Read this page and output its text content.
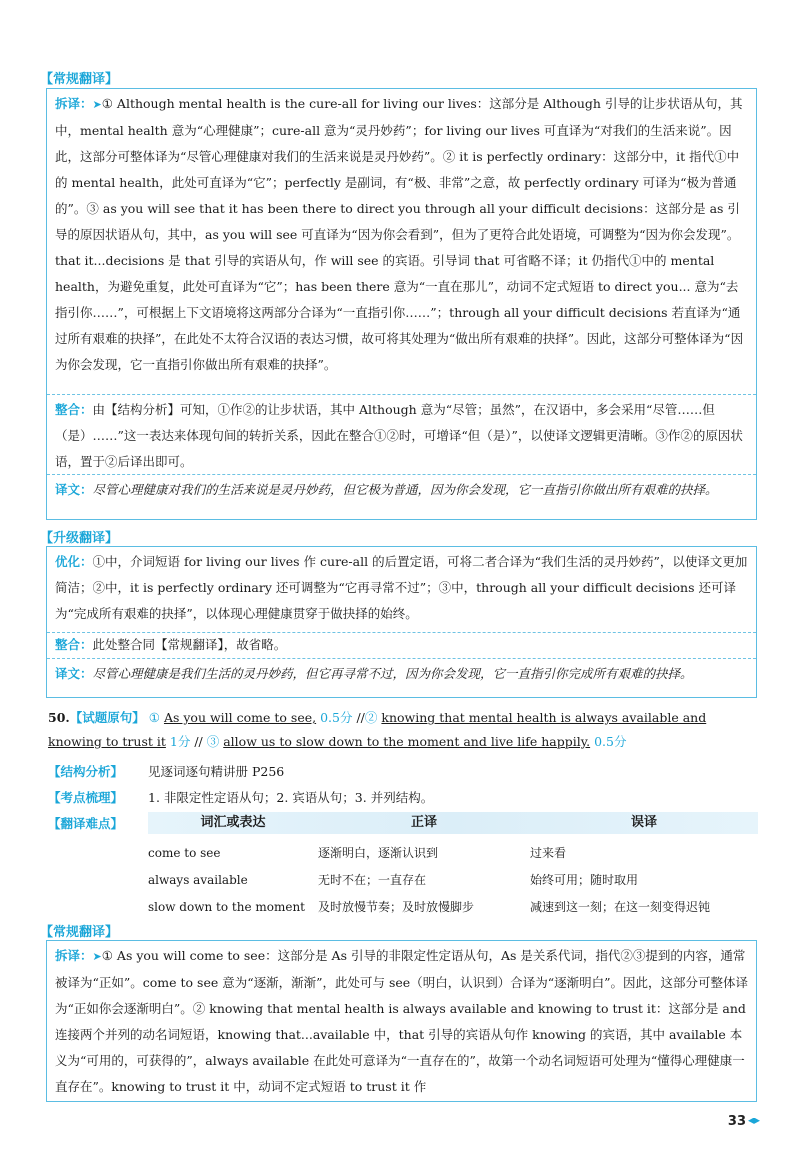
【常规翻译】
拆译：➤① Although mental health is the cure-all for living our lives：这部分是 Although 引导的让步状语从句，其中，mental health 意为“心理健康”；cure-all 意为“灵丹妙药”；for living our lives 可直译为“对我们的生活来说”。因此，这部分可整体译为“尽管心理健康对我们的生活来说是灵丹妙药”。② it is perfectly ordinary：这部分中，it 指代①中的 mental health，此处可直译为“它”；perfectly 是副词，有“极、非常”之意，故 perfectly ordinary 可译为“极为普通的”。③ as you will see that it has been there to direct you through all your difficult decisions：这部分是 as 引导的原因状语从句，其中，as you will see 可直译为“因为你会看到”，但为了更符合此处语境，可调整为“因为你会发现”。that it...decisions 是 that 引导的宾语从句，作 will see 的宾语。引导词 that 可省略不译；it 仍指代①中的 mental health，为避免重复，此处可直译为“它”；has been there 意为“一直在那儿”，动词不定式短语 to direct you... 意为“去指引你……”，可根据上下文语境将这两部分合译为“一直指引你……”；through all your difficult decisions 若直译为“通过所有艰难的抉择”，在此处不太符合汉语的表达习惯，故可将其处理为“做出所有艰难的抉择”。因此，这部分可整体译为“因为你会发现，它一直指引你做出所有艰难的抉择”。
整合：由【结构分析】可知，①作②的让步状语，其中 Although 意为“尽管；虽然”，在汉语中，多会采用“尽管……但（是）……”这一表达来体现句间的转折关系，因此在整合①②时，可增译“但（是）”，以使译文逻辑更清晰。③作②的原因状语，置于②后译出即可。
译文：尽管心理健康对我们的生活来说是灵丹妙药，但它极为普通，因为你会发现，它一直指引你做出所有艰难的抉择。
【升级翻译】
优化：①中，介词短语 for living our lives 作 cure-all 的后置定语，可将二者合译为“我们生活的灵丹妙药”，以使译文更加简洁；②中，it is perfectly ordinary 还可调整为“它再寻常不过”；③中，through all your difficult decisions 还可译为“完成所有艰难的抉择”，以体现心理健康贯穿于做抉择的始终。
整合：此处整合同【常规翻译】，故省略。
译文：尽管心理健康是我们生活的灵丹妙药，但它再寻常不过，因为你会发现，它一直指引你完成所有艰难的抉择。
50.【试题原句】 ① As you will come to see, 0.5分 //② knowing that mental health is always available and knowing to trust it 1分 // ③ allow us to slow down to the moment and live life happily. 0.5分
【结构分析】 见逐词逐句精讲册 P256
【考点梳理】 1. 非限定性定语从句；2. 宾语从句；3. 并列结构。
【翻译难点】	词汇或表达	正译	误译
come to see	逐渐明白，逐渐认识到	过来看
always available	无时不在；一直存在	始终可用；随时取用
slow down to the moment	及时放慢节奏；及时放慢脚步	减速到这一刻；在这一刻变得迟钝
【常规翻译】
拆译：➤① As you will come to see：这部分是 As 引导的非限定性定语从句，As 是关系代词，指代②③提到的内容，通常被译为“正如”。come to see 意为“逐渐，渐渐”，此处可与 see（明白，认识到）合译为“逐渐明白”。因此，这部分可整体译为“正如你会逐渐明白”。② knowing that mental health is always available and knowing to trust it：这部分是 and 连接两个并列的动名词短语，knowing that...available 中，that 引导的宾语从句作 knowing 的宾语，其中 available 本义为“可用的，可获得的”，always available 在此处可意译为“一直存在的”，故第一个动名词短语可处理为“懂得心理健康一直存在”。knowing to trust it 中，动词不定式短语 to trust it 作
33
